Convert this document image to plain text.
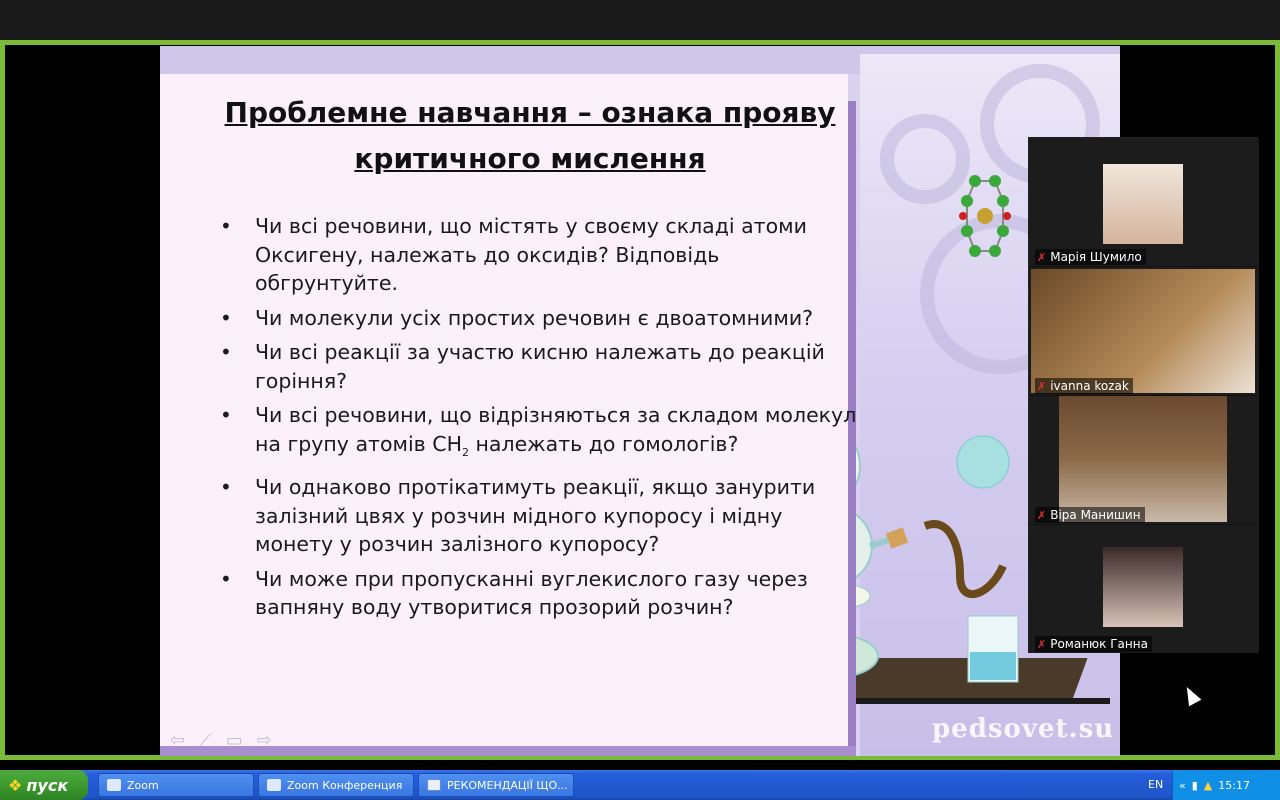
Проблемне навчання – ознака прояву
критичного мислення
• Чи всі речовини, що містять у своєму складі атоми Оксигену, належать до оксидів? Відповідь обгрунтуйте.
• Чи молекули усіх простих речовин є двоатомними?
• Чи всі реакції за участю кисню належать до реакцій горіння?
• Чи всі речовини, що відрізняються за складом молекул на групу атомів $CH_2$ належать до гомологів?
• Чи однаково протікатимуть реакції, якщо занурити залізний цвях у розчин мідного купоросу і мідну монету у розчин залізного купоросу?
• Чи може при пропусканні вуглекислого газу через вапняну воду утворитися прозорий розчин?
⇦ ⟋ ▭ ⇨	pedsovet.su
✗ Марія Шумило
✗ ivanna kozak
✗ Віра Манишин
✗ Романюк Ганна
❖ пуск	Zoom	Zoom Конференция	РЕКОМЕНДАЦІЇ ЩО...	EN « ▮ ▲ 15:17
